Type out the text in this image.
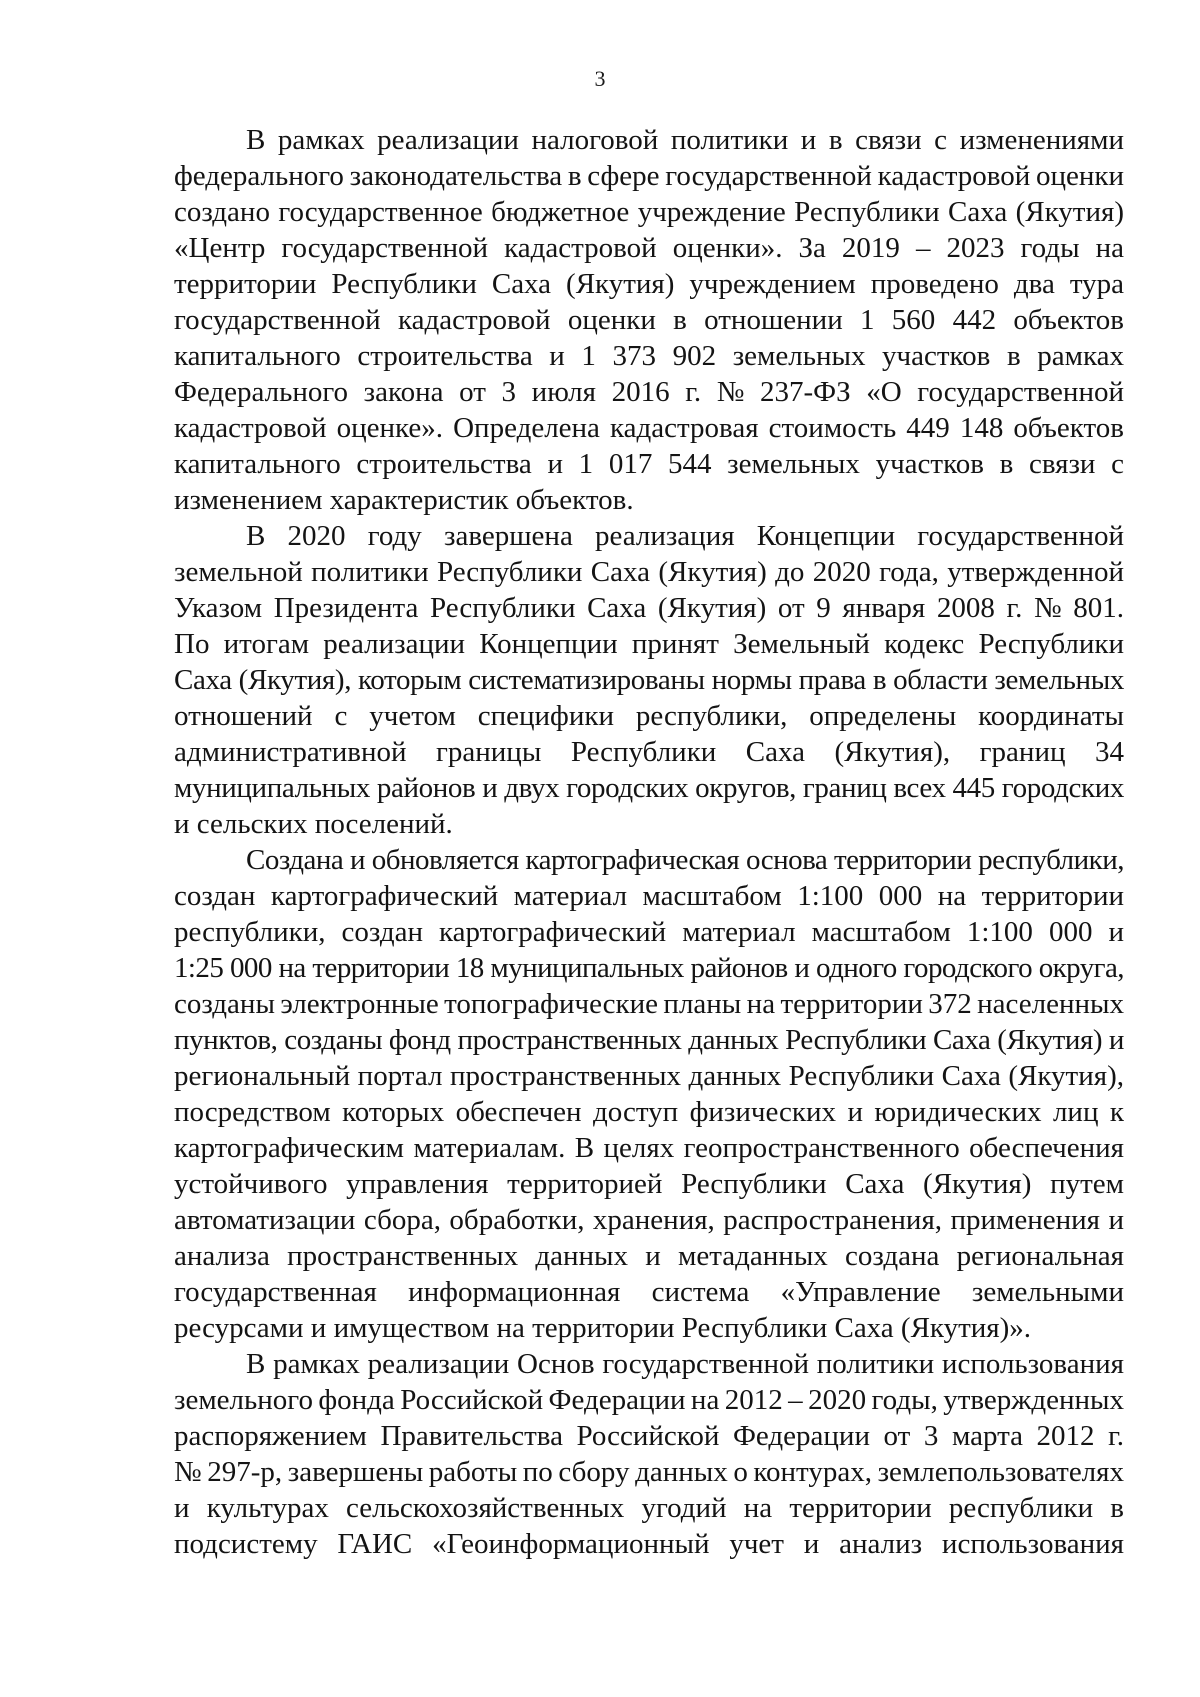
3
В рамках реализации налоговой политики и в связи с изменениями
федерального законодательства в сфере государственной кадастровой оценки
создано государственное бюджетное учреждение Республики Саха (Якутия)
«Центр государственной кадастровой оценки». За 2019 – 2023 годы на
территории Республики Саха (Якутия) учреждением проведено два тура
государственной кадастровой оценки в отношении 1 560 442 объектов
капитального строительства и 1 373 902 земельных участков в рамках
Федерального закона от 3 июля 2016 г. № 237-ФЗ «О государственной
кадастровой оценке». Определена кадастровая стоимость 449 148 объектов
капитального строительства и 1 017 544 земельных участков в связи с
изменением характеристик объектов.
В 2020 году завершена реализация Концепции государственной
земельной политики Республики Саха (Якутия) до 2020 года, утвержденной
Указом Президента Республики Саха (Якутия) от 9 января 2008 г. № 801.
По итогам реализации Концепции принят Земельный кодекс Республики
Саха (Якутия), которым систематизированы нормы права в области земельных
отношений с учетом специфики республики, определены координаты
административной границы Республики Саха (Якутия), границ 34
муниципальных районов и двух городских округов, границ всех 445 городских
и сельских поселений.
Создана и обновляется картографическая основа территории республики,
создан картографический материал масштабом 1:100 000 на территории
республики, создан картографический материал масштабом 1:100 000 и
1:25 000 на территории 18 муниципальных районов и одного городского округа,
созданы электронные топографические планы на территории 372 населенных
пунктов, созданы фонд пространственных данных Республики Саха (Якутия) и
региональный портал пространственных данных Республики Саха (Якутия),
посредством которых обеспечен доступ физических и юридических лиц к
картографическим материалам. В целях геопространственного обеспечения
устойчивого управления территорией Республики Саха (Якутия) путем
автоматизации сбора, обработки, хранения, распространения, применения и
анализа пространственных данных и метаданных создана региональная
государственная информационная система «Управление земельными
ресурсами и имуществом на территории Республики Саха (Якутия)».
В рамках реализации Основ государственной политики использования
земельного фонда Российской Федерации на 2012 – 2020 годы, утвержденных
распоряжением Правительства Российской Федерации от 3 марта 2012 г.
№ 297-р, завершены работы по сбору данных о контурах, землепользователях
и культурах сельскохозяйственных угодий на территории республики в
подсистему ГАИС «Геоинформационный учет и анализ использования
